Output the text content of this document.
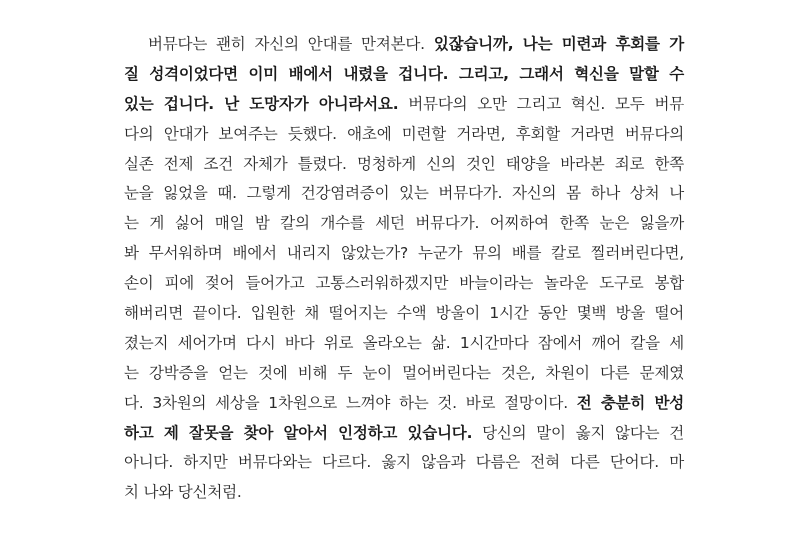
버뮤다는 괜히 자신의 안대를 만져본다. 있잖습니까, 나는 미련과 후회를 가
질 성격이었다면 이미 배에서 내렸을 겁니다. 그리고, 그래서 혁신을 말할 수
있는 겁니다. 난 도망자가 아니라서요. 버뮤다의 오만 그리고 혁신. 모두 버뮤
다의 안대가 보여주는 듯했다. 애초에 미련할 거라면, 후회할 거라면 버뮤다의
실존 전제 조건 자체가 틀렸다. 멍청하게 신의 것인 태양을 바라본 죄로 한쪽
눈을 잃었을 때. 그렇게 건강염려증이 있는 버뮤다가. 자신의 몸 하나 상처 나
는 게 싫어 매일 밤 칼의 개수를 세던 버뮤다가. 어찌하여 한쪽 눈은 잃을까
봐 무서워하며 배에서 내리지 않았는가? 누군가 뮤의 배를 칼로 찔러버린다면,
손이 피에 젖어 들어가고 고통스러워하겠지만 바늘이라는 놀라운 도구로 봉합
해버리면 끝이다. 입원한 채 떨어지는 수액 방울이 1시간 동안 몇백 방울 떨어
졌는지 세어가며 다시 바다 위로 올라오는 삶. 1시간마다 잠에서 깨어 칼을 세
는 강박증을 얻는 것에 비해 두 눈이 멀어버린다는 것은, 차원이 다른 문제였
다. 3차원의 세상을 1차원으로 느껴야 하는 것. 바로 절망이다. 전 충분히 반성
하고 제 잘못을 찾아 알아서 인정하고 있습니다. 당신의 말이 옳지 않다는 건
아니다. 하지만 버뮤다와는 다르다. 옳지 않음과 다름은 전혀 다른 단어다. 마
치 나와 당신처럼.
